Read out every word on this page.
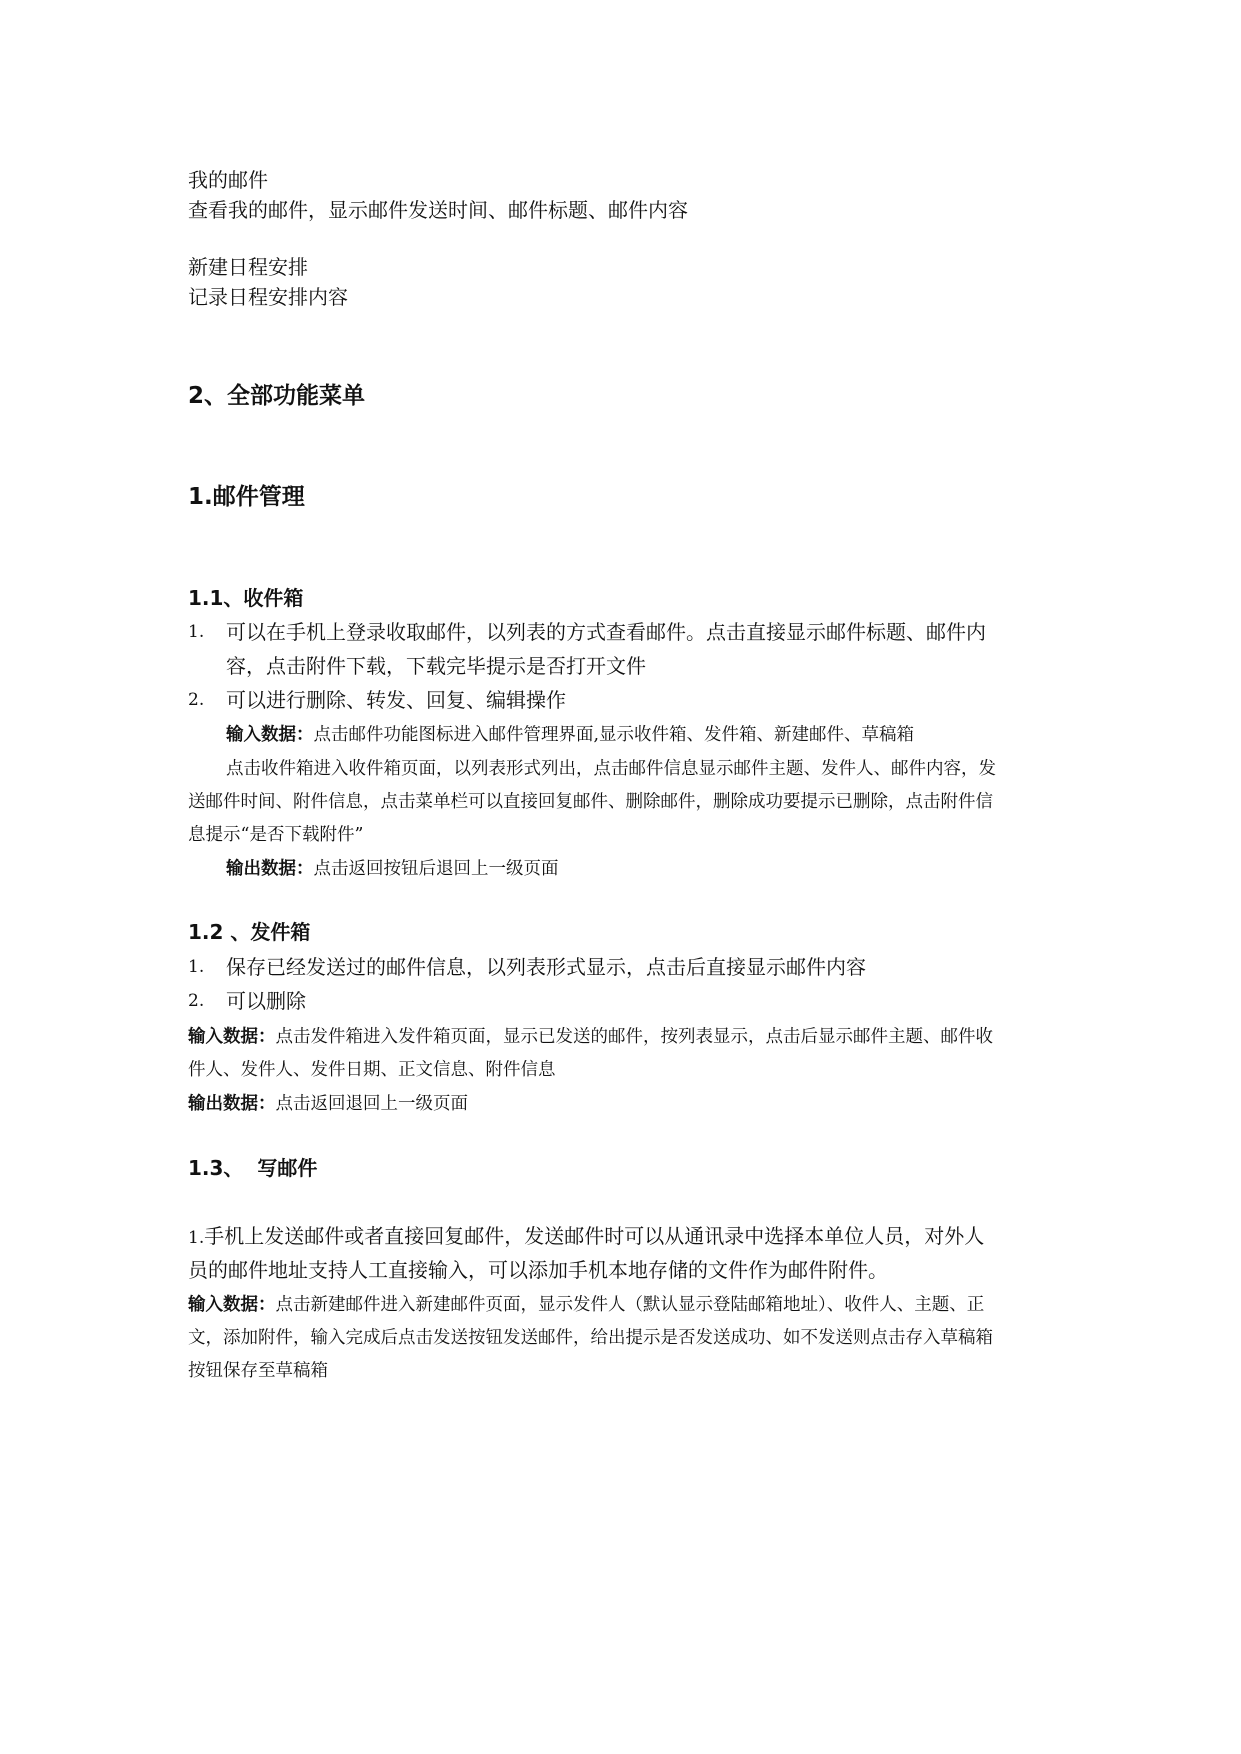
我的邮件
查看我的邮件，显示邮件发送时间、邮件标题、邮件内容
新建日程安排
记录日程安排内容
2、全部功能菜单
1.邮件管理
1.1、收件箱
1. 可以在手机上登录收取邮件，以列表的方式查看邮件。点击直接显示邮件标题、邮件内
容，点击附件下载，下载完毕提示是否打开文件
2. 可以进行删除、转发、回复、编辑操作
输入数据：点击邮件功能图标进入邮件管理界面,显示收件箱、发件箱、新建邮件、草稿箱
点击收件箱进入收件箱页面，以列表形式列出，点击邮件信息显示邮件主题、发件人、邮件内容，发
送邮件时间、附件信息，点击菜单栏可以直接回复邮件、删除邮件，删除成功要提示已删除，点击附件信
息提示“是否下载附件”
输出数据：点击返回按钮后退回上一级页面
1.2 、发件箱
1. 保存已经发送过的邮件信息，以列表形式显示，点击后直接显示邮件内容
2. 可以删除
输入数据：点击发件箱进入发件箱页面，显示已发送的邮件，按列表显示，点击后显示邮件主题、邮件收
件人、发件人、发件日期、正文信息、附件信息
输出数据：点击返回退回上一级页面
1.3、  写邮件
1.手机上发送邮件或者直接回复邮件，发送邮件时可以从通讯录中选择本单位人员，对外人
员的邮件地址支持人工直接输入，可以添加手机本地存储的文件作为邮件附件。
输入数据：点击新建邮件进入新建邮件页面，显示发件人（默认显示登陆邮箱地址）、收件人、主题、正
文，添加附件，输入完成后点击发送按钮发送邮件，给出提示是否发送成功、如不发送则点击存入草稿箱
按钮保存至草稿箱
